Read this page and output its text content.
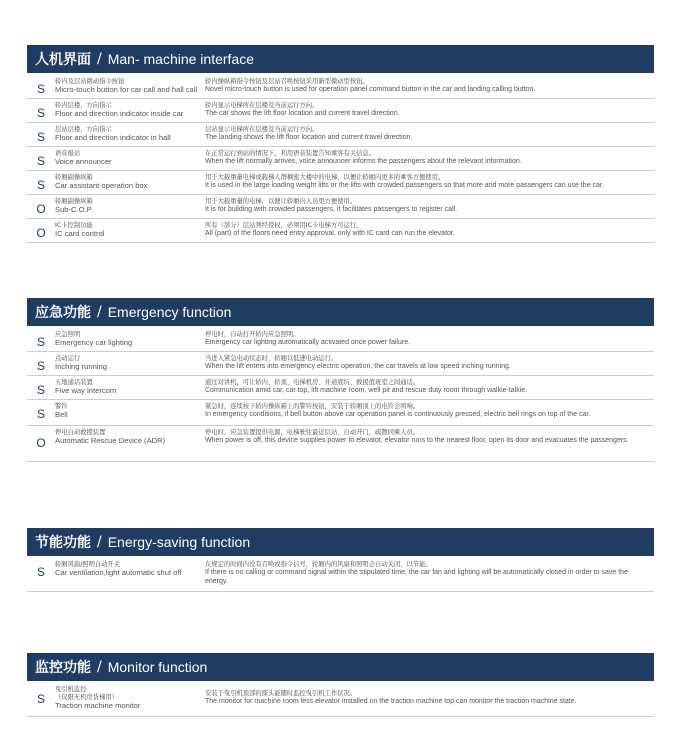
人机界面 / Man- machine interface
S
轿内及层站微动指令按钮
Micro-touch button for car call and hall call
轿内操纵箱指令按钮及层站召唤按钮采用新型微动型按钮。
Novel micro-touch button is used for operation panel command button in the car and landing calling button.
S
轿内层楼、方向指示
Floor and direction indicator inside car
轿内显示电梯所在层楼及当前运行方向。
The car shows the lift floor location and current travel direction.
S
层站层楼、方向指示
Floor and direction indicator in hall
层站显示电梯所在层楼及当前运行方向。
The landing shows the lift floor location and current travel direction.
S
语音报站
Voice announcer
在正常运行到站的情况下，利用语音装置告知乘客有关信息。
When the lift normally arrives, voice announcer informs the passengers about the relevant information.
S
轿厢副操纵箱
Car assistant operation box
用于大载重量电梯或载梯人群稠密大楼中的电梯，以便让轿厢内更多的乘客方便使用。
It is used in the large loading weight lifts or the lifts with crowded passengers so that more and more passengers can use the car.
O
轿厢副操纵箱
Sub-C.O.P.
用于大载重量的电梯，以便让轿厢内人员更方便使用。
It is for building with crowded passengers, it facilitates passengers to register call.
O
IC卡控制功能
IC card control
所有（部分）层站须经授权，必须用IC卡电梯方可运行。
All (part) of the floors need entry approval, only with IC card can run the elevator.
应急功能 / Emergency function
S
应急照明
Emergency car lighting
停电时，自动打开轿内应急照明。
Emergency car lighting automatically activated once power failure.
S
点动运行
Inching running
当进入紧急电动状态时，轿厢以低速电动运行。
When the lift enters into emergency electric operation, the car travels at low speed inching running.
S
五地通话装置
Five way intercom
通过对讲机，可让轿内、轿顶、电梯机房、井道底坑、救援值班室之间通话。
Communication amid car, car top, lift machine room, well pit and rescue duty room through walkie-talkie.
S
警铃
Bell
紧急时，连续按下轿内操纵箱上的警铃按钮，安装于轿厢顶上的电铃会鸣响。
In emergency conditions, if bell button above car operation panel is continuously pressed, electric bell rings on top of the car.
O
停电自动救援装置
Automatic Rescue Device (ADR)
停电时，应急装置提供电源，电梯驶往最近层站，自动开门，疏散同乘人员。
When power is off, this device supplies power to elevator, elevator runs to the nearest floor, open its door and evacuates the passengers.
节能功能 / Energy-saving function
S
轿厢风扇/照明自动开关
Car ventilation,light automatic shut off
在规定的时间内没有召唤或指令信号，轿厢内的风扇和照明会自动关闭，以节能。
If there is no calling or command signal within the stipulated time, the car fan and lighting will be automatically closed in order to save the energy.
监控功能 / Monitor function
S
曳引机监控
（仅限无机房货梯用）
Traction machine monitor
安装于曳引机顶部的探头能随时监控曳引机工作状况。
The monitor for machine room less elevator installed on the traction machine top can monitor the traction machine state.
